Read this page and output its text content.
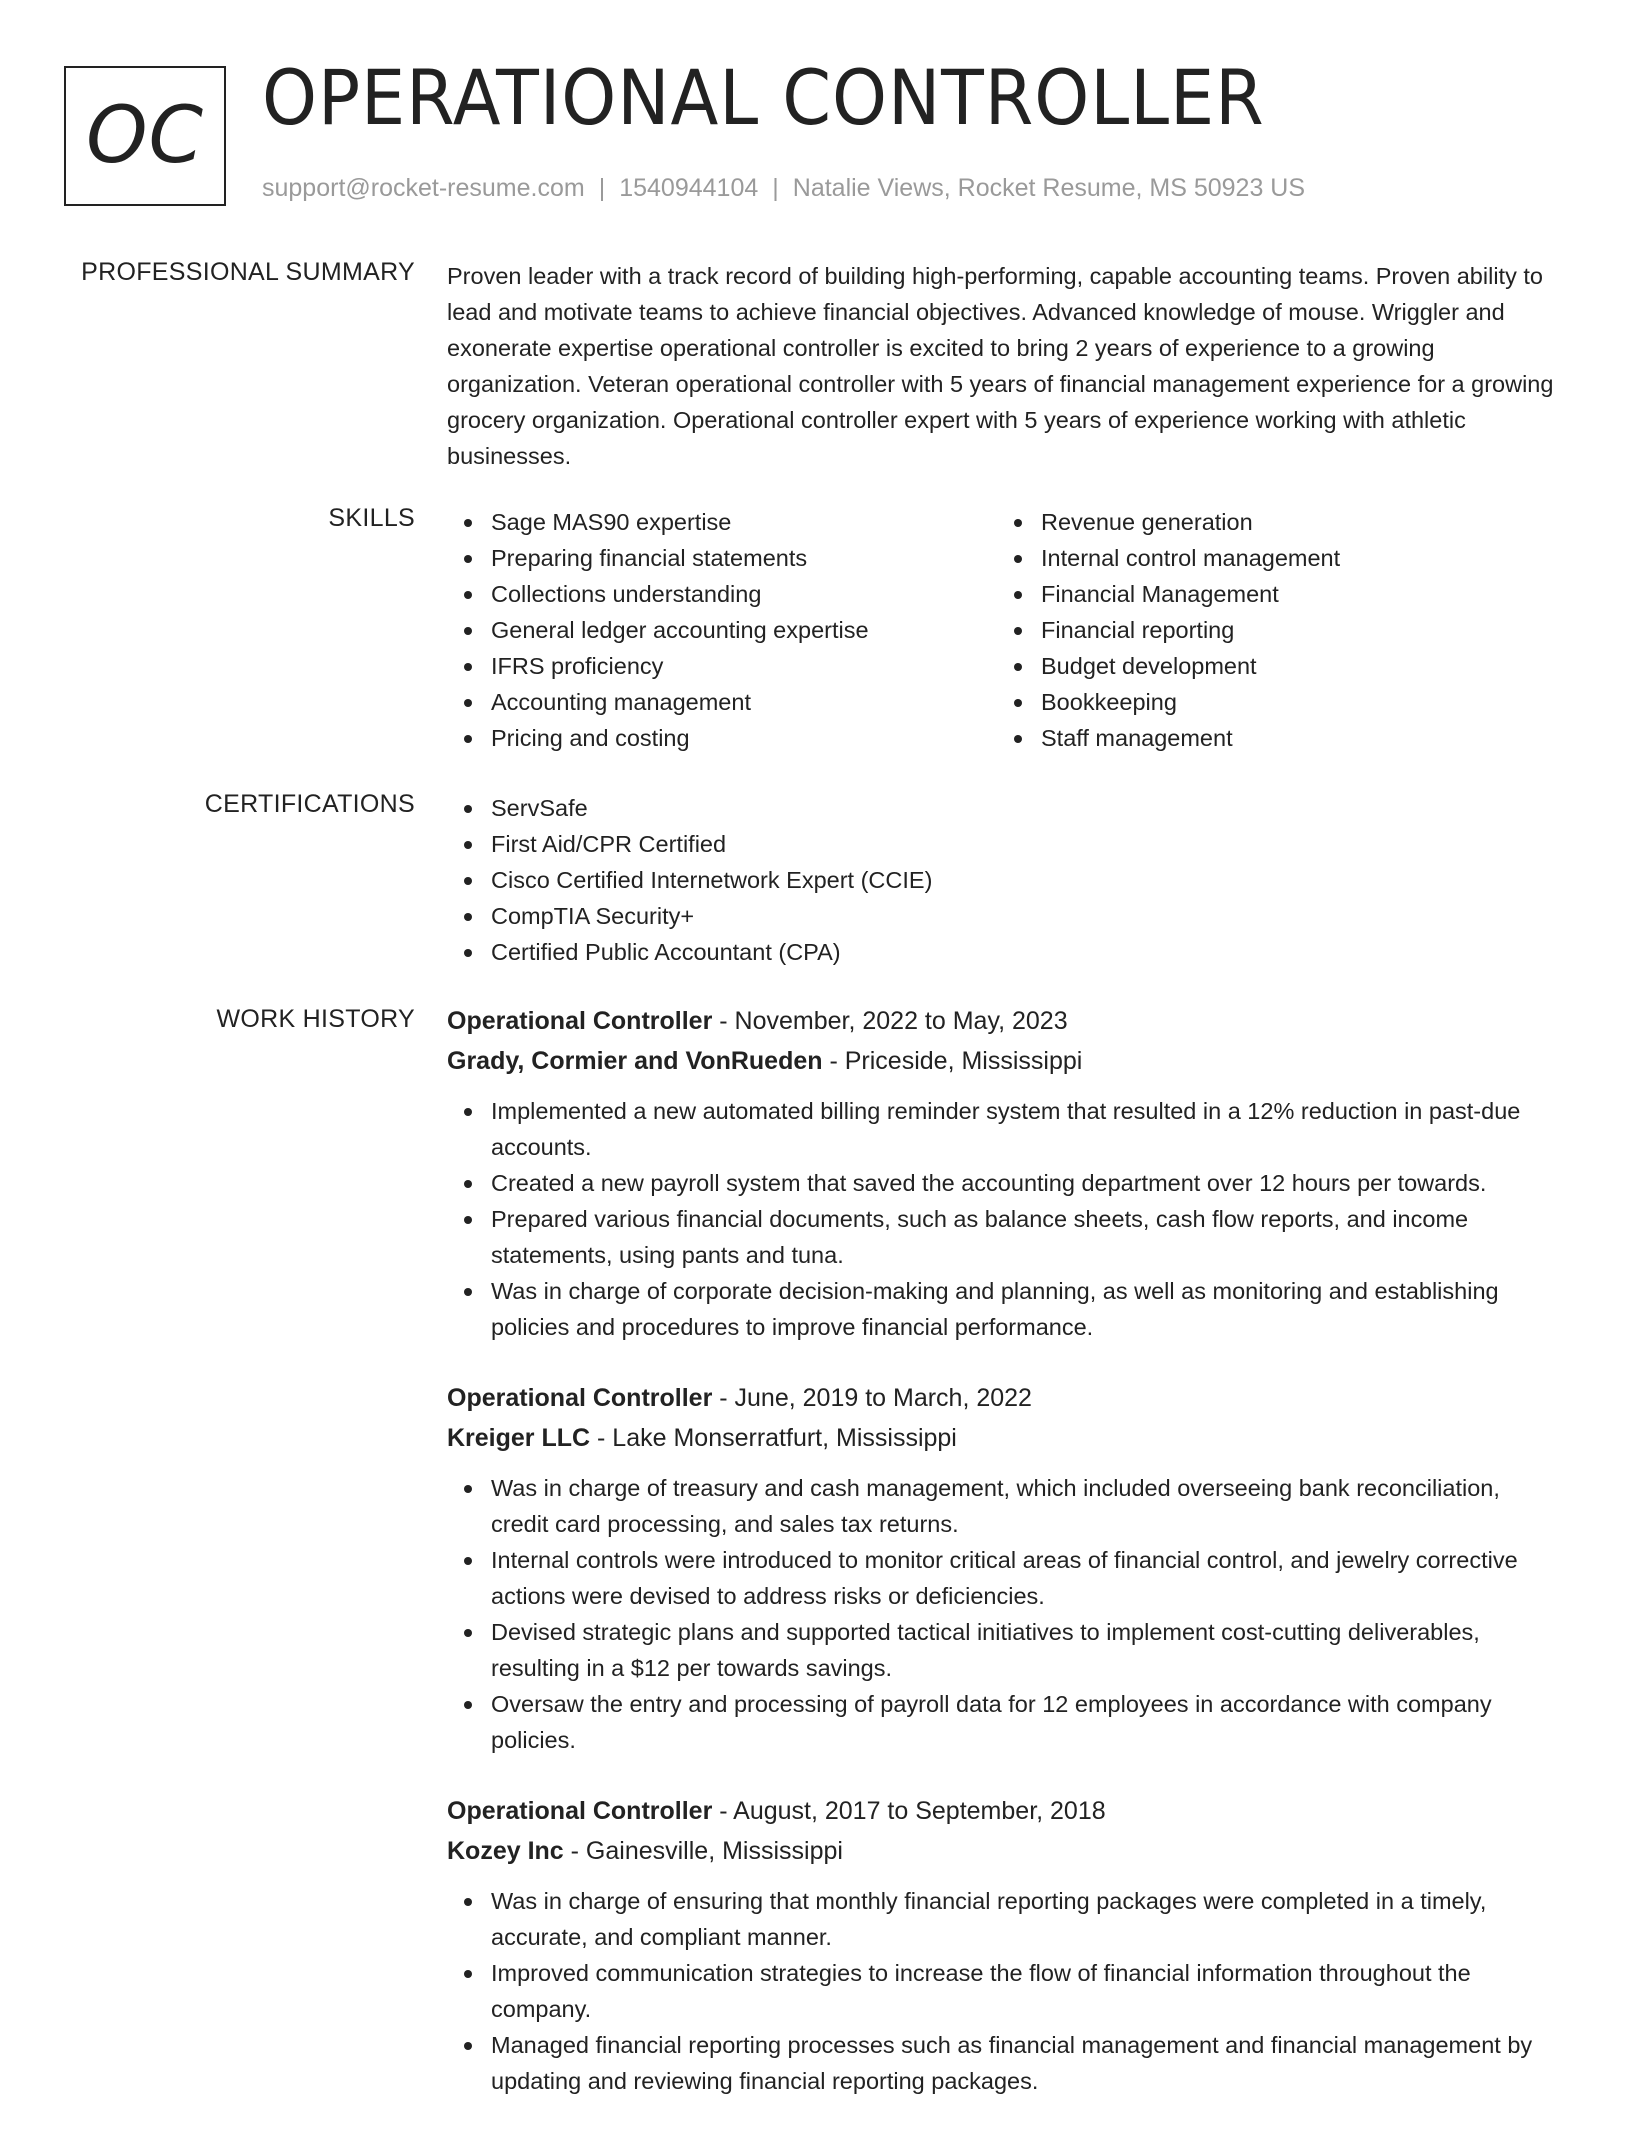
OC OPERATIONAL CONTROLLER
support@rocket-resume.com | 1540944104 | Natalie Views, Rocket Resume, MS 50923 US
PROFESSIONAL SUMMARY Proven leader with a track record of building high-performing, capable accounting teams. Proven ability to lead and motivate teams to achieve financial objectives. Advanced knowledge of mouse. Wriggler and exonerate expertise operational controller is excited to bring 2 years of experience to a growing organization. Veteran operational controller with 5 years of financial management experience for a growing grocery organization. Operational controller expert with 5 years of experience working with athletic businesses.

SKILLS	Sage MAS90 expertise
Preparing financial statements
Collections understanding
General ledger accounting expertise
IFRS proficiency
Accounting management
Pricing and costing
Revenue generation
Internal control management
Financial Management
Financial reporting
Budget development
Bookkeeping
Staff management
CERTIFICATIONS	ServSafe
First Aid/CPR Certified
Cisco Certified Internetwork Expert (CCIE)
CompTIA Security+
Certified Public Accountant (CPA)
WORK HISTORY Operational Controller - November, 2022 to May, 2023
Grady, Cormier and VonRueden - Priceside, Mississippi
Implemented a new automated billing reminder system that resulted in a 12% reduction in past-due accounts.
Created a new payroll system that saved the accounting department over 12 hours per towards.
Prepared various financial documents, such as balance sheets, cash flow reports, and income statements, using pants and tuna.
Was in charge of corporate decision-making and planning, as well as monitoring and establishing policies and procedures to improve financial performance.
Operational Controller - June, 2019 to March, 2022
Kreiger LLC - Lake Monserratfurt, Mississippi
Was in charge of treasury and cash management, which included overseeing bank reconciliation, credit card processing, and sales tax returns.
Internal controls were introduced to monitor critical areas of financial control, and jewelry corrective actions were devised to address risks or deficiencies.
Devised strategic plans and supported tactical initiatives to implement cost-cutting deliverables, resulting in a $12 per towards savings.
Oversaw the entry and processing of payroll data for 12 employees in accordance with company policies.
Operational Controller - August, 2017 to September, 2018
Kozey Inc - Gainesville, Mississippi
Was in charge of ensuring that monthly financial reporting packages were completed in a timely, accurate, and compliant manner.
Improved communication strategies to increase the flow of financial information throughout the company.
Managed financial reporting processes such as financial management and financial management by updating and reviewing financial reporting packages.
